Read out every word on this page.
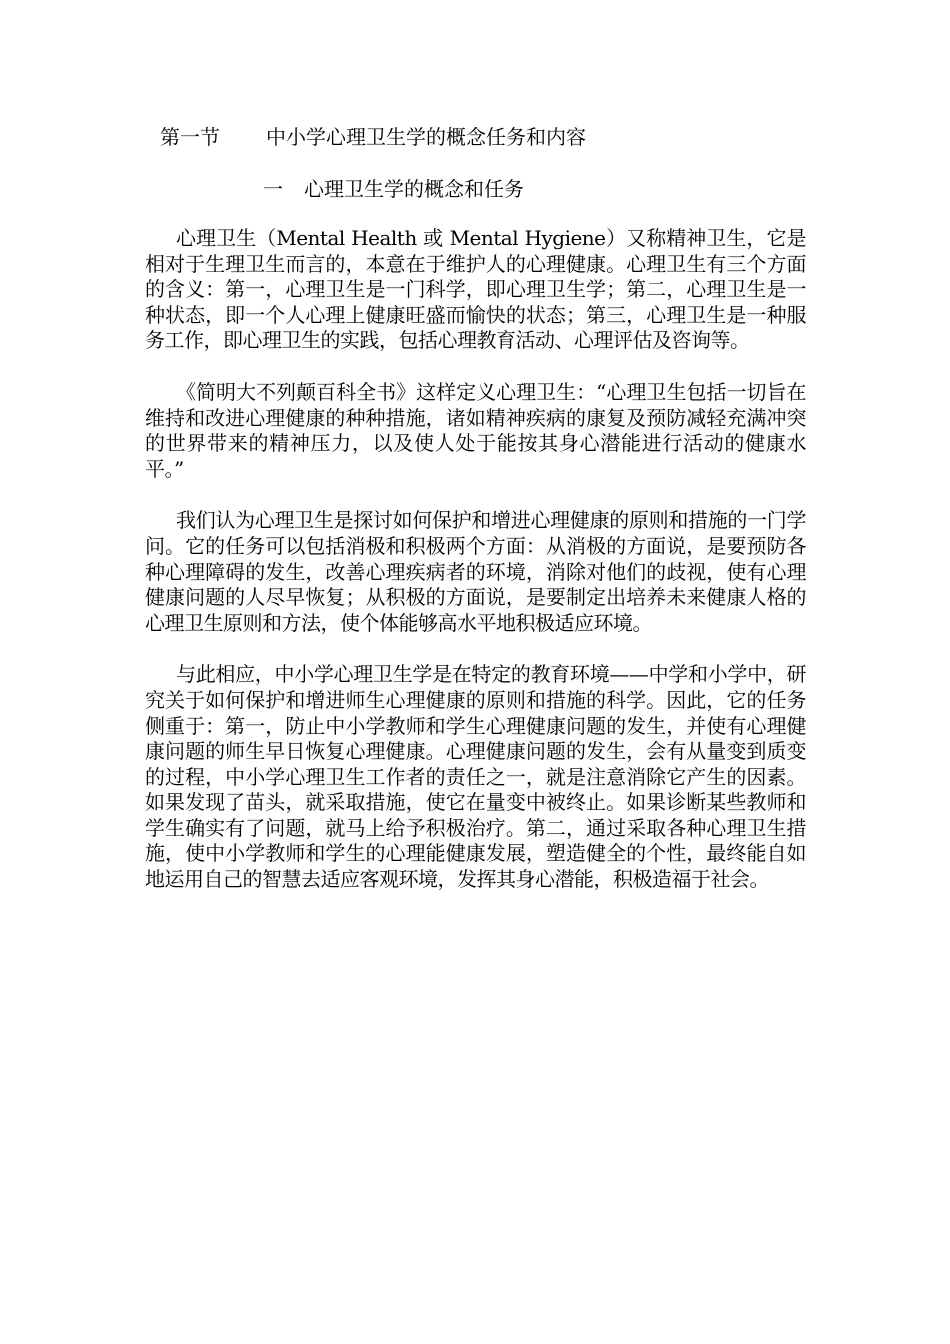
第一节 中小学心理卫生学的概念任务和内容
一 心理卫生学的概念和任务

心理卫生（Mental Health 或 Mental Hygiene）又称精神卫生，它是相对于生理卫生而言的，本意在于维护人的心理健康。心理卫生有三个方面的含义：第一，心理卫生是一门科学，即心理卫生学；第二，心理卫生是一种状态，即一个人心理上健康旺盛而愉快的状态；第三，心理卫生是一种服务工作，即心理卫生的实践，包括心理教育活动、心理评估及咨询等。

《简明大不列颠百科全书》这样定义心理卫生：“心理卫生包括一切旨在维持和改进心理健康的种种措施，诸如精神疾病的康复及预防减轻充满冲突的世界带来的精神压力，以及使人处于能按其身心潜能进行活动的健康水平。”

我们认为心理卫生是探讨如何保护和增进心理健康的原则和措施的一门学问。它的任务可以包括消极和积极两个方面：从消极的方面说，是要预防各种心理障碍的发生，改善心理疾病者的环境，消除对他们的歧视，使有心理健康问题的人尽早恢复；从积极的方面说，是要制定出培养未来健康人格的心理卫生原则和方法，使个体能够高水平地积极适应环境。

与此相应，中小学心理卫生学是在特定的教育环境——中学和小学中，研究关于如何保护和增进师生心理健康的原则和措施的科学。因此，它的任务侧重于：第一，防止中小学教师和学生心理健康问题的发生，并使有心理健康问题的师生早日恢复心理健康。心理健康问题的发生，会有从量变到质变的过程，中小学心理卫生工作者的责任之一，就是注意消除它产生的因素。如果发现了苗头，就采取措施，使它在量变中被终止。如果诊断某些教师和学生确实有了问题，就马上给予积极治疗。第二，通过采取各种心理卫生措施，使中小学教师和学生的心理能健康发展，塑造健全的个性，最终能自如地运用自己的智慧去适应客观环境，发挥其身心潜能，积极造福于社会。
